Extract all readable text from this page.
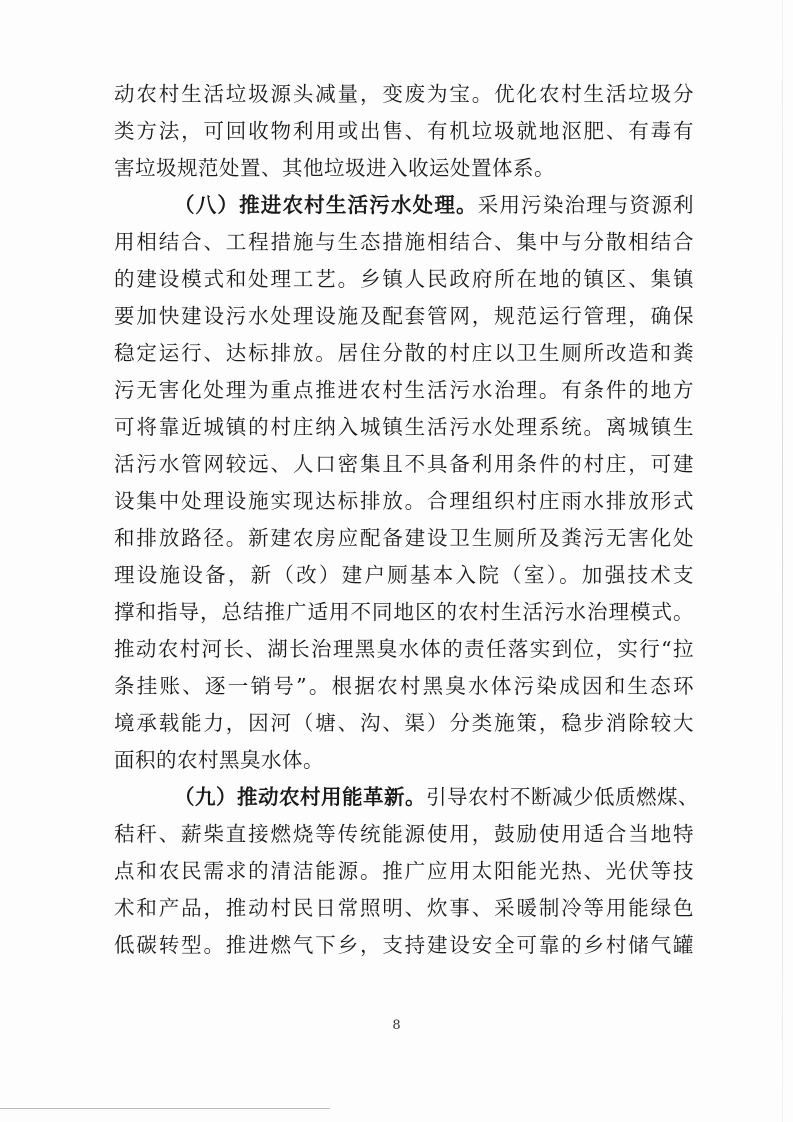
动农村生活垃圾源头减量，变废为宝。优化农村生活垃圾分
类方法，可回收物利用或出售、有机垃圾就地沤肥、有毒有
害垃圾规范处置、其他垃圾进入收运处置体系。
（八）推进农村生活污水处理。采用污染治理与资源利
用相结合、工程措施与生态措施相结合、集中与分散相结合
的建设模式和处理工艺。乡镇人民政府所在地的镇区、集镇
要加快建设污水处理设施及配套管网，规范运行管理，确保
稳定运行、达标排放。居住分散的村庄以卫生厕所改造和粪
污无害化处理为重点推进农村生活污水治理。有条件的地方
可将靠近城镇的村庄纳入城镇生活污水处理系统。离城镇生
活污水管网较远、人口密集且不具备利用条件的村庄，可建
设集中处理设施实现达标排放。合理组织村庄雨水排放形式
和排放路径。新建农房应配备建设卫生厕所及粪污无害化处
理设施设备，新（改）建户厕基本入院（室）。加强技术支
撑和指导，总结推广适用不同地区的农村生活污水治理模式。
推动农村河长、湖长治理黑臭水体的责任落实到位，实行“拉
条挂账、逐一销号”。根据农村黑臭水体污染成因和生态环
境承载能力，因河（塘、沟、渠）分类施策，稳步消除较大
面积的农村黑臭水体。
（九）推动农村用能革新。引导农村不断减少低质燃煤、
秸秆、薪柴直接燃烧等传统能源使用，鼓励使用适合当地特
点和农民需求的清洁能源。推广应用太阳能光热、光伏等技
术和产品，推动村民日常照明、炊事、采暖制冷等用能绿色
低碳转型。推进燃气下乡，支持建设安全可靠的乡村储气罐
8
